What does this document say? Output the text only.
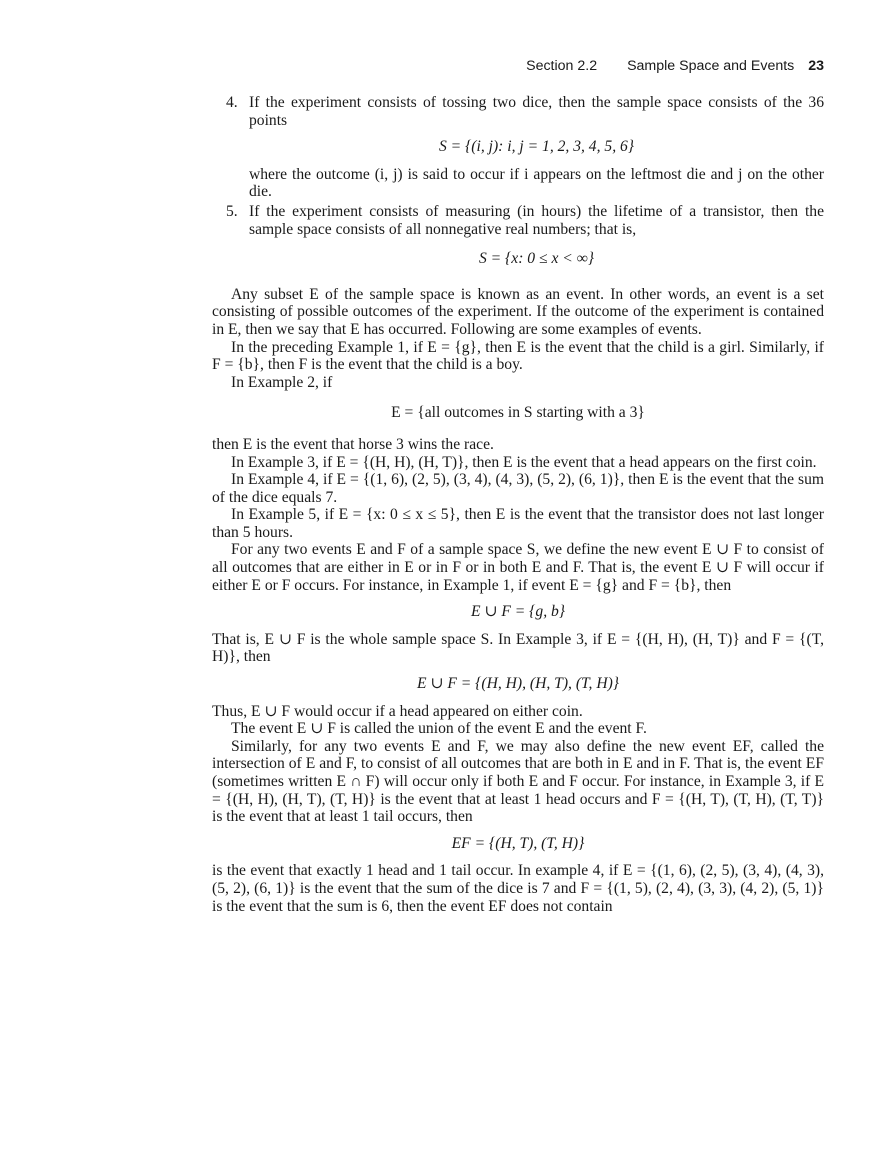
Section 2.2 Sample Space and Events 23
4. If the experiment consists of tossing two dice, then the sample space consists of the 36 points

S = {(i, j): i, j = 1, 2, 3, 4, 5, 6}

where the outcome (i, j) is said to occur if i appears on the leftmost die and j on the other die.

5. If the experiment consists of measuring (in hours) the lifetime of a transistor, then the sample space consists of all nonnegative real numbers; that is,

S = {x: 0 ≤ x < ∞}

Any subset E of the sample space is known as an event. In other words, an event is a set consisting of possible outcomes of the experiment. If the outcome of the experiment is contained in E, then we say that E has occurred. Following are some examples of events.

In the preceding Example 1, if E = {g}, then E is the event that the child is a girl. Similarly, if F = {b}, then F is the event that the child is a boy.

In Example 2, if

E = {all outcomes in S starting with a 3}

then E is the event that horse 3 wins the race.

In Example 3, if E = {(H, H), (H, T)}, then E is the event that a head appears on the first coin.

In Example 4, if E = {(1, 6), (2, 5), (3, 4), (4, 3), (5, 2), (6, 1)}, then E is the event that the sum of the dice equals 7.

In Example 5, if E = {x: 0 ≤ x ≤ 5}, then E is the event that the transistor does not last longer than 5 hours.

For any two events E and F of a sample space S, we define the new event E ∪ F to consist of all outcomes that are either in E or in F or in both E and F. That is, the event E ∪ F will occur if either E or F occurs. For instance, in Example 1, if event E = {g} and F = {b}, then

E ∪ F = {g, b}

That is, E ∪ F is the whole sample space S. In Example 3, if E = {(H, H), (H, T)} and F = {(T, H)}, then

E ∪ F = {(H, H), (H, T), (T, H)}

Thus, E ∪ F would occur if a head appeared on either coin.

The event E ∪ F is called the union of the event E and the event F.

Similarly, for any two events E and F, we may also define the new event EF, called the intersection of E and F, to consist of all outcomes that are both in E and in F. That is, the event EF (sometimes written E ∩ F) will occur only if both E and F occur. For instance, in Example 3, if E = {(H, H), (H, T), (T, H)} is the event that at least 1 head occurs and F = {(H, T), (T, H), (T, T)} is the event that at least 1 tail occurs, then

EF = {(H, T), (T, H)}

is the event that exactly 1 head and 1 tail occur. In example 4, if E = {(1, 6), (2, 5), (3, 4), (4, 3), (5, 2), (6, 1)} is the event that the sum of the dice is 7 and F = {(1, 5), (2, 4), (3, 3), (4, 2), (5, 1)} is the event that the sum is 6, then the event EF does not contain
